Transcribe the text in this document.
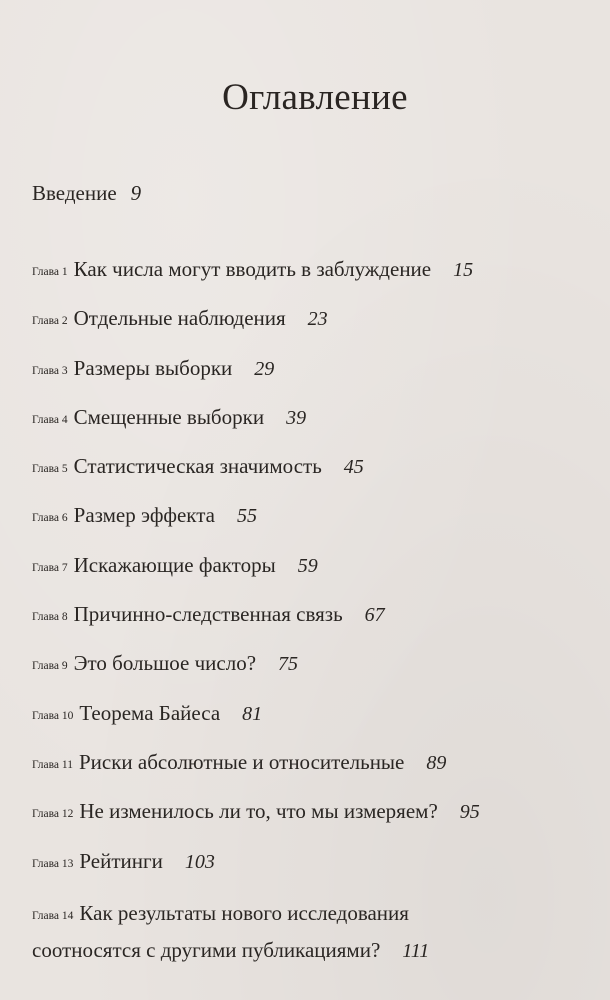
Оглавление
Введение 9
Глава 1 Как числа могут вводить в заблуждение 15
Глава 2 Отдельные наблюдения 23
Глава 3 Размеры выборки 29
Глава 4 Смещенные выборки 39
Глава 5 Статистическая значимость 45
Глава 6 Размер эффекта 55
Глава 7 Искажающие факторы 59
Глава 8 Причинно-следственная связь 67
Глава 9 Это большое число? 75
Глава 10 Теорема Байеса 81
Глава 11 Риски абсолютные и относительные 89
Глава 12 Не изменилось ли то, что мы измеряем? 95
Глава 13 Рейтинги 103
Глава 14 Как результаты нового исследования
соотносятся с другими публикациями? 111
